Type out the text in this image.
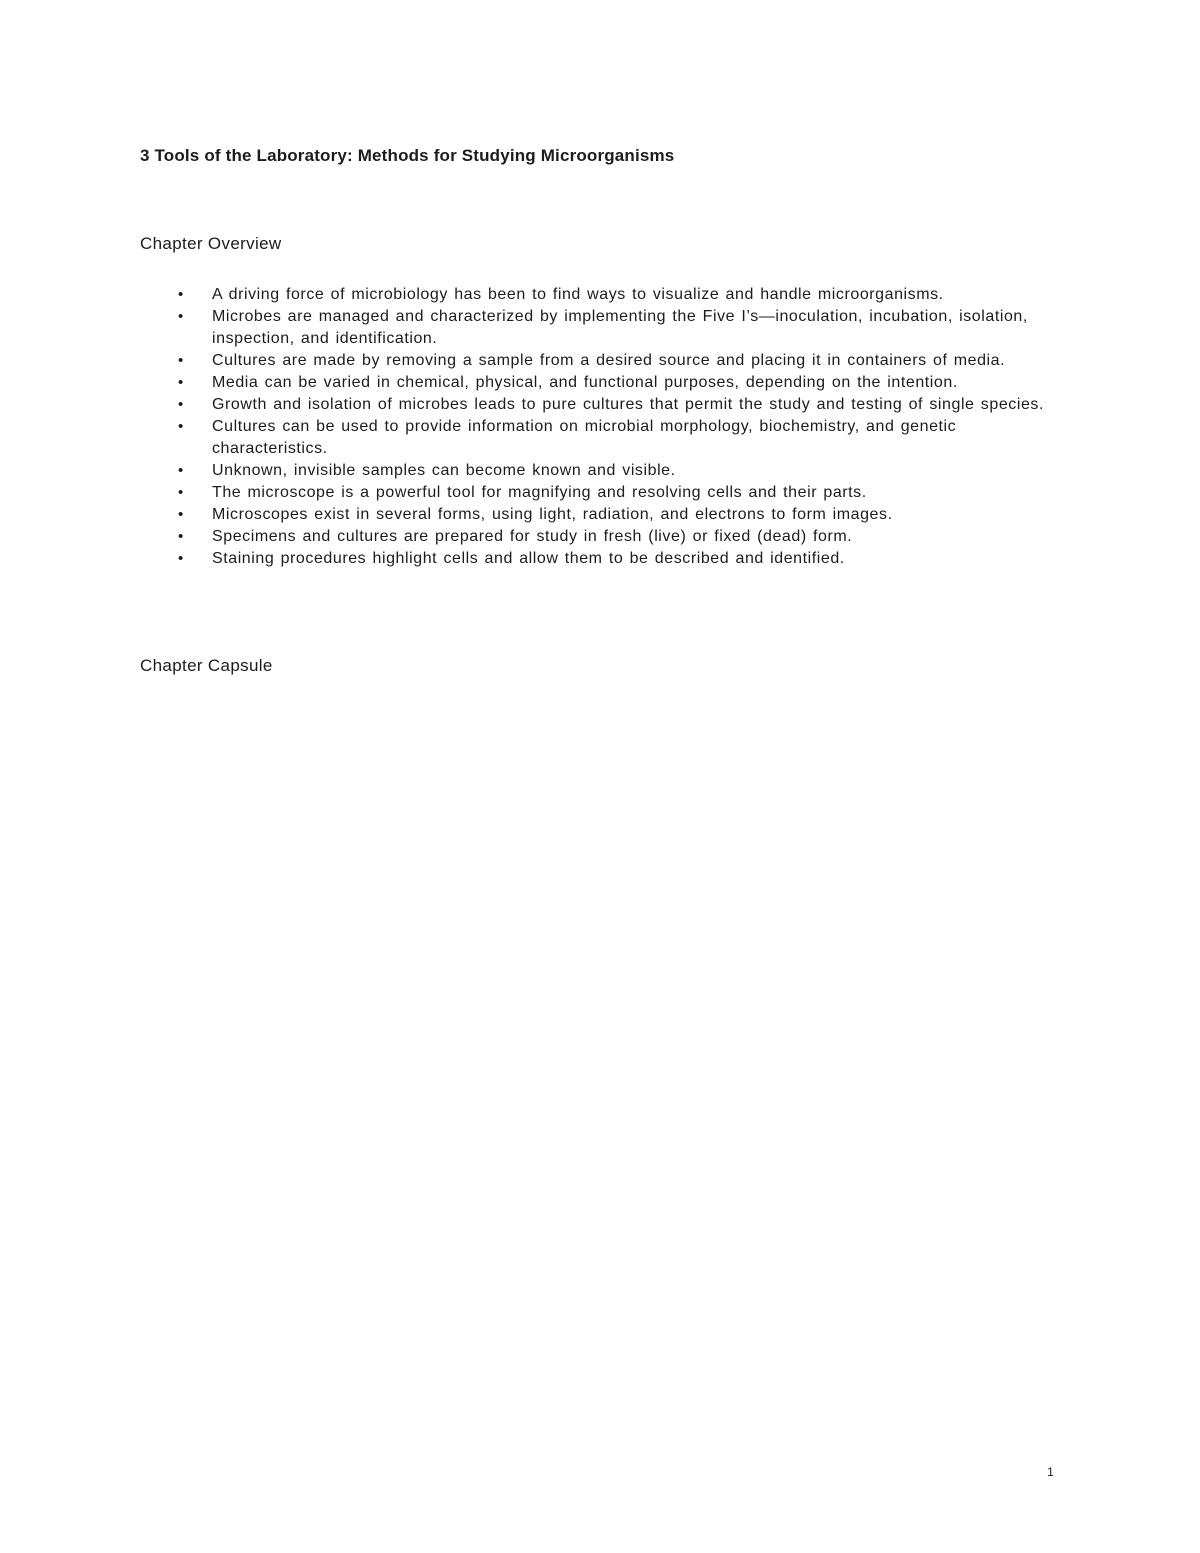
3 Tools of the Laboratory: Methods for Studying Microorganisms
Chapter Overview
• A driving force of microbiology has been to find ways to visualize and handle microorganisms.
• Microbes are managed and characterized by implementing the Five I’s—inoculation, incubation, isolation, inspection, and identification.
• Cultures are made by removing a sample from a desired source and placing it in containers of media.
• Media can be varied in chemical, physical, and functional purposes, depending on the intention.
• Growth and isolation of microbes leads to pure cultures that permit the study and testing of single species.
• Cultures can be used to provide information on microbial morphology, biochemistry, and genetic characteristics.
• Unknown, invisible samples can become known and visible.
• The microscope is a powerful tool for magnifying and resolving cells and their parts.
• Microscopes exist in several forms, using light, radiation, and electrons to form images.
• Specimens and cultures are prepared for study in fresh (live) or fixed (dead) form.
• Staining procedures highlight cells and allow them to be described and identified.
Chapter Capsule
1
